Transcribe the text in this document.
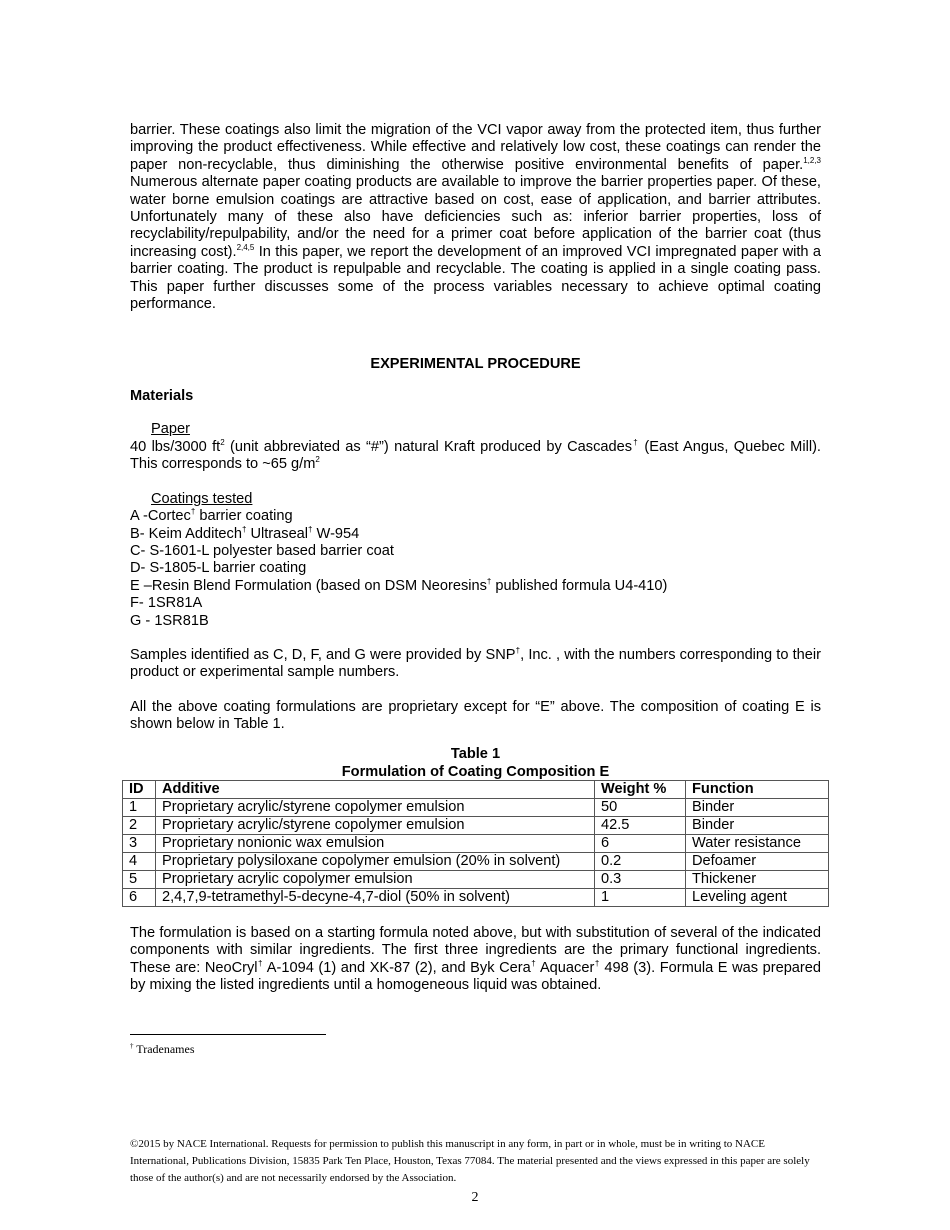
barrier. These coatings also limit the migration of the VCI vapor away from the protected item, thus further improving the product effectiveness. While effective and relatively low cost, these coatings can render the paper non-recyclable, thus diminishing the otherwise positive environmental benefits of paper.$^{1,2,3}$ Numerous alternate paper coating products are available to improve the barrier properties paper. Of these, water borne emulsion coatings are attractive based on cost, ease of application, and barrier attributes. Unfortunately many of these also have deficiencies such as: inferior barrier properties, loss of recyclability/repulpability, and/or the need for a primer coat before application of the barrier coat (thus increasing cost).$^{2,4,5}$ In this paper, we report the development of an improved VCI impregnated paper with a barrier coating. The product is repulpable and recyclable. The coating is applied in a single coating pass. This paper further discusses some of the process variables necessary to achieve optimal coating performance.

EXPERIMENTAL PROCEDURE

Materials

Paper

40 lbs/3000 $ft^2$ (unit abbreviated as “#”) natural Kraft produced by Cascades† (East Angus, Quebec Mill). This corresponds to ~65 $g/m^2$

Coatings tested

A -Cortec† barrier coating

B- Keim Additech† Ultraseal† W-954

C- S-1601-L polyester based barrier coat

D- S-1805-L barrier coating

E –Resin Blend Formulation (based on DSM Neoresins† published formula U4-410)

F- 1SR81A

G - 1SR81B

Samples identified as C, D, F, and G were provided by SNP†, Inc. , with the numbers corresponding to their product or experimental sample numbers.

All the above coating formulations are proprietary except for “E” above. The composition of coating E is shown below in Table 1.

Table 1
Formulation of Coating Composition E
ID	Additive	Weight %	Function
1	Proprietary acrylic/styrene copolymer emulsion	50	Binder
2	Proprietary acrylic/styrene copolymer emulsion	42.5	Binder
3	Proprietary nonionic wax emulsion	6	Water resistance
4	Proprietary polysiloxane copolymer emulsion (20% in solvent)	0.2	Defoamer
5	Proprietary acrylic copolymer emulsion	0.3	Thickener
6	2,4,7,9-tetramethyl-5-decyne-4,7-diol (50% in solvent)	1	Leveling agent

The formulation is based on a starting formula noted above, but with substitution of several of the indicated components with similar ingredients. The first three ingredients are the primary functional ingredients. These are: NeoCryl† A-1094 (1) and XK-87 (2), and Byk Cera† Aquacer† 498 (3). Formula E was prepared by mixing the listed ingredients until a homogeneous liquid was obtained.

† Tradenames
©2015 by NACE International. Requests for permission to publish this manuscript in any form, in part or in whole, must be in writing to NACE International, Publications Division, 15835 Park Ten Place, Houston, Texas 77084. The material presented and the views expressed in this paper are solely those of the author(s) and are not necessarily endorsed by the Association.
2
